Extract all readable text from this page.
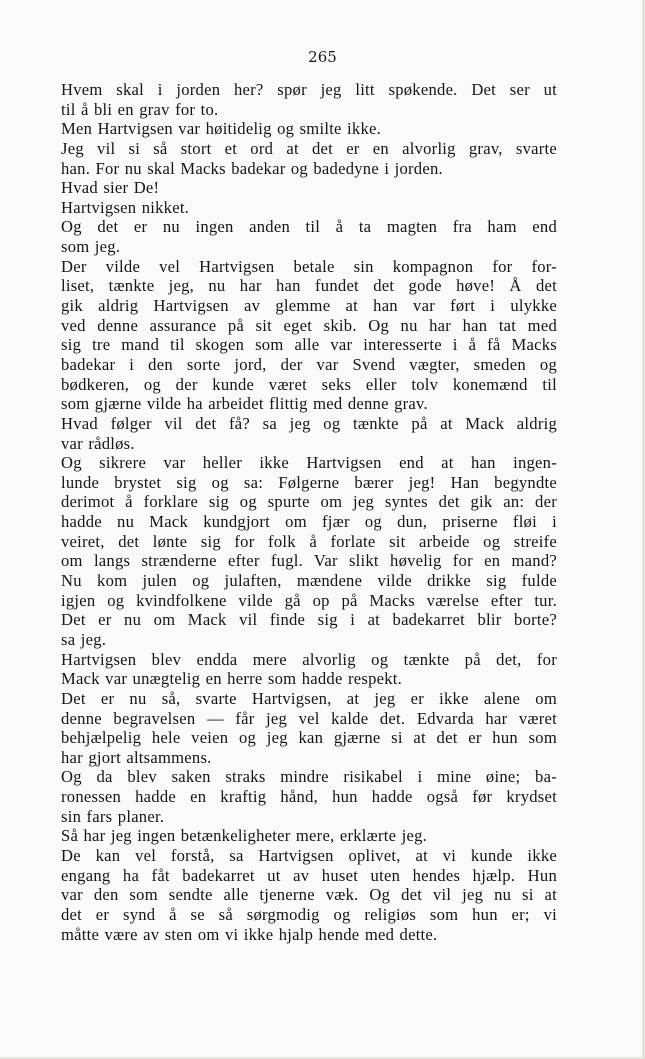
265
Hvem skal i jorden her? spør jeg litt spøkende. Det ser ut
til å bli en grav for to.
Men Hartvigsen var høitidelig og smilte ikke.
Jeg vil si så stort et ord at det er en alvorlig grav, svarte
han. For nu skal Macks badekar og badedyne i jorden.
Hvad sier De!
Hartvigsen nikket.
Og det er nu ingen anden til å ta magten fra ham end
som jeg.
Der vilde vel Hartvigsen betale sin kompagnon for for-
liset, tænkte jeg, nu har han fundet det gode høve! Å det
gik aldrig Hartvigsen av glemme at han var ført i ulykke
ved denne assurance på sit eget skib. Og nu har han tat med
sig tre mand til skogen som alle var interesserte i å få Macks
badekar i den sorte jord, der var Svend vægter, smeden og
bødkeren, og der kunde været seks eller tolv konemænd til
som gjærne vilde ha arbeidet flittig med denne grav.
Hvad følger vil det få? sa jeg og tænkte på at Mack aldrig
var rådløs.
Og sikrere var heller ikke Hartvigsen end at han ingen-
lunde brystet sig og sa: Følgerne bærer jeg! Han begyndte
derimot å forklare sig og spurte om jeg syntes det gik an: der
hadde nu Mack kundgjort om fjær og dun, priserne fløi i
veiret, det lønte sig for folk å forlate sit arbeide og streife
om langs strænderne efter fugl. Var slikt høvelig for en mand?
Nu kom julen og julaften, mændene vilde drikke sig fulde
igjen og kvindfolkene vilde gå op på Macks værelse efter tur.
Det er nu om Mack vil finde sig i at badekarret blir borte?
sa jeg.
Hartvigsen blev endda mere alvorlig og tænkte på det, for
Mack var unægtelig en herre som hadde respekt.
Det er nu så, svarte Hartvigsen, at jeg er ikke alene om
denne begravelsen — får jeg vel kalde det. Edvarda har været
behjælpelig hele veien og jeg kan gjærne si at det er hun som
har gjort altsammens.
Og da blev saken straks mindre risikabel i mine øine; ba-
ronessen hadde en kraftig hånd, hun hadde også før krydset
sin fars planer.
Så har jeg ingen betænkeligheter mere, erklærte jeg.
De kan vel forstå, sa Hartvigsen oplivet, at vi kunde ikke
engang ha fåt badekarret ut av huset uten hendes hjælp. Hun
var den som sendte alle tjenerne væk. Og det vil jeg nu si at
det er synd å se så sørgmodig og religiøs som hun er; vi
måtte være av sten om vi ikke hjalp hende med dette.
